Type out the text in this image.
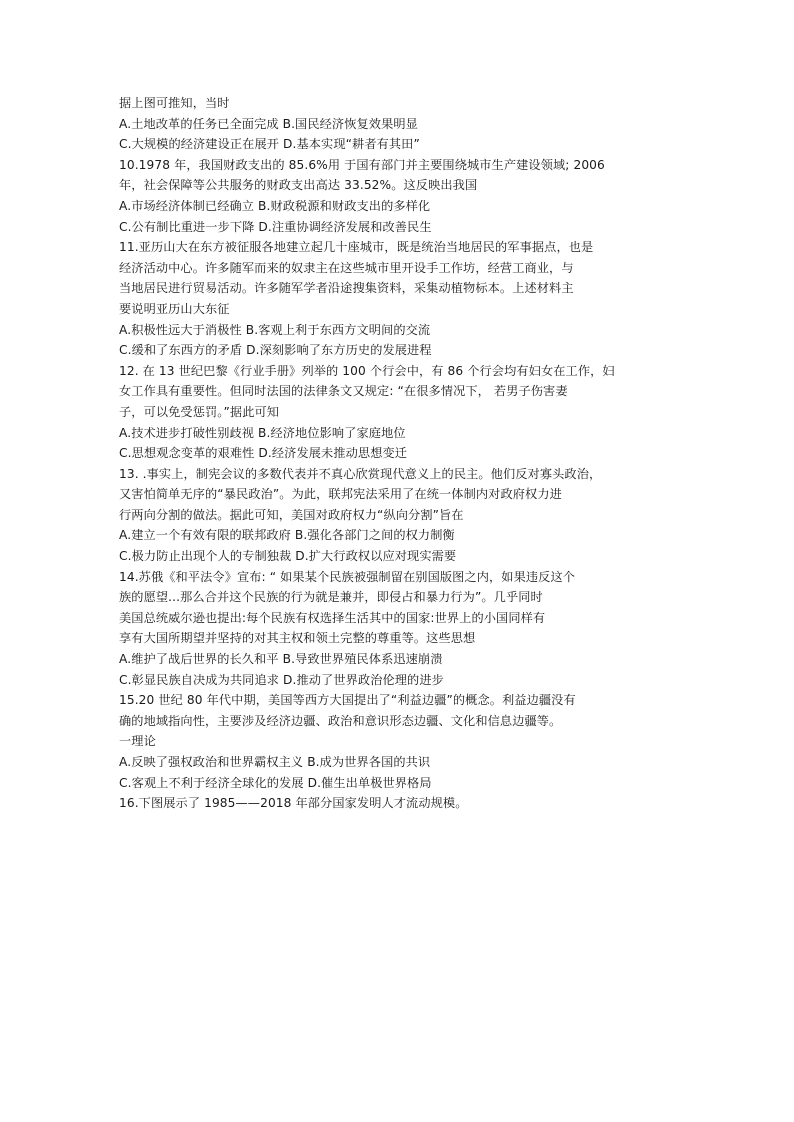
据上图可推知，当时
A.土地改革的任务已全面完成 B.国民经济恢复效果明显
C.大规模的经济建设正在展开 D.基本实现“耕者有其田”
10.1978 年，我国财政支出的 85.6%用 于国有部门并主要围绕城市生产建设领域; 2006
年，社会保障等公共服务的财政支出高达 33.52%。这反映出我国
A.市场经济体制已经确立 B.财政税源和财政支出的多样化
C.公有制比重进一步下降 D.注重协调经济发展和改善民生
11.亚历山大在东方被征服各地建立起几十座城市，既是统治当地居民的军事据点，也是
经济活动中心。许多随军而来的奴隶主在这些城市里开设手工作坊，经营工商业，与
当地居民进行贸易活动。许多随军学者沿途搜集资料，采集动植物标本。上述材料主
要说明亚历山大东征
A.积极性远大于消极性 B.客观上利于东西方文明间的交流
C.缓和了东西方的矛盾 D.深刻影响了东方历史的发展进程
12. 在 13 世纪巴黎《行业手册》列举的 100 个行会中，有 86 个行会均有妇女在工作，妇
女工作具有重要性。但同时法国的法律条文又规定: “在很多情况下， 若男子伤害妻
子，可以免受惩罚。”据此可知
A.技术进步打破性别歧视 B.经济地位影响了家庭地位
C.思想观念变革的艰难性 D.经济发展未推动思想变迁
13. .事实上，制宪会议的多数代表并不真心欣赏现代意义上的民主。他们反对寡头政治，
又害怕简单无序的“暴民政治”。为此，联邦宪法采用了在统一体制内对政府权力进
行两向分割的做法。据此可知，美国对政府权力“纵向分割”旨在
A.建立一个有效有限的联邦政府 B.强化各部门之间的权力制衡
C.极力防止出现个人的专制独裁 D.扩大行政权以应对现实需要
14.苏俄《和平法令》宣布: “ 如果某个民族被强制留在别国版图之内，如果违反这个
族的愿望...那么合并这个民族的行为就是兼并，即侵占和暴力行为”。几乎同时
美国总统威尔逊也提出:每个民族有权选择生活其中的国家:世界上的小国同样有
享有大国所期望并坚持的对其主权和领土完整的尊重等。这些思想
A.维护了战后世界的长久和平 B.导致世界殖民体系迅速崩溃
C.彰显民族自决成为共同追求 D.推动了世界政治伦理的进步
15.20 世纪 80 年代中期，美国等西方大国提出了“利益边疆”的概念。利益边疆没有
确的地域指向性，主要涉及经济边疆、政治和意识形态边疆、文化和信息边疆等。
一理论
A.反映了强权政治和世界霸权主义 B.成为世界各国的共识
C.客观上不利于经济全球化的发展 D.催生出单极世界格局
16.下图展示了 1985——2018 年部分国家发明人才流动规模。
